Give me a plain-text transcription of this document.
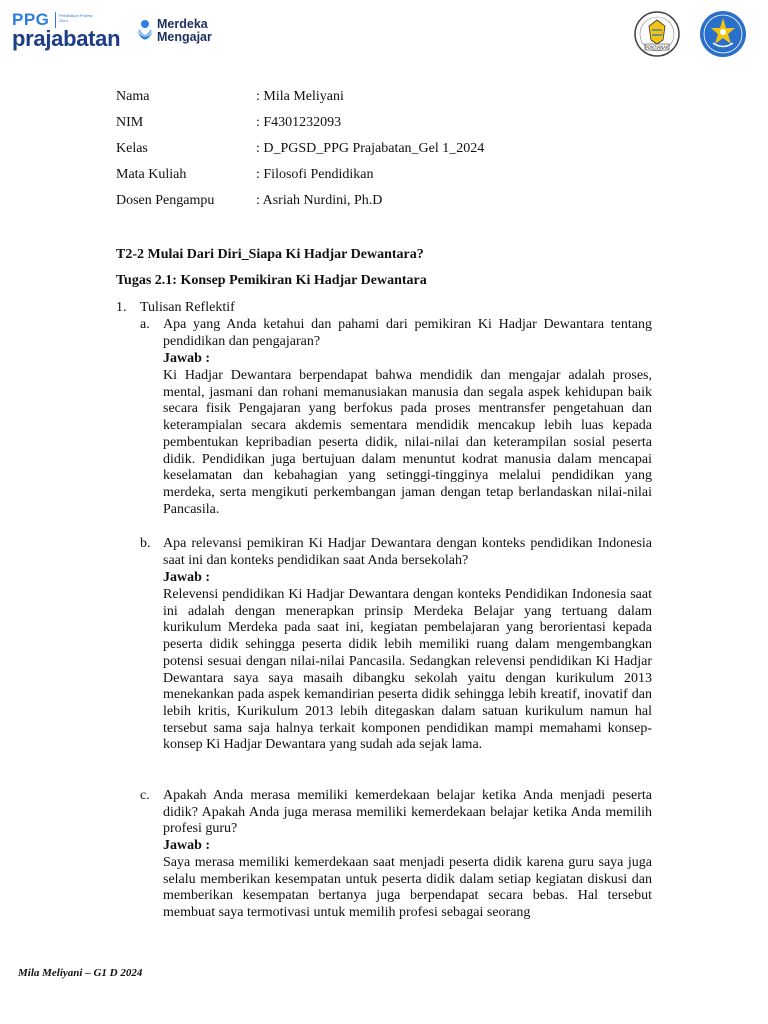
PPG Pendidikan Profesi Guru
prajabatan
Merdeka
Mengajar
PONTIANAK
Nama	: Mila Meliyani
NIM	: F4301232093
Kelas	: D_PGSD_PPG Prajabatan_Gel 1_2024
Mata Kuliah	: Filosofi Pendidikan
Dosen Pengampu	: Asriah Nurdini, Ph.D
T2-2 Mulai Dari Diri_Siapa Ki Hadjar Dewantara?
Tugas 2.1: Konsep Pemikiran Ki Hadjar Dewantara
1. Tulisan Reflektif
a. Apa yang Anda ketahui dan pahami dari pemikiran Ki Hadjar Dewantara tentang pendidikan dan pengajaran?
Jawab :
Ki Hadjar Dewantara berpendapat bahwa mendidik dan mengajar adalah proses, mental, jasmani dan rohani memanusiakan manusia dan segala aspek kehidupan baik secara fisik Pengajaran yang berfokus pada proses mentransfer pengetahuan dan keterampialan secara akdemis sementara mendidik mencakup lebih luas kepada pembentukan kepribadian peserta didik, nilai-nilai dan keterampilan sosial peserta didik. Pendidikan juga bertujuan dalam menuntut kodrat manusia dalam mencapai keselamatan dan kebahagian yang setinggi-tingginya melalui pendidikan yang merdeka, serta mengikuti perkembangan jaman dengan tetap berlandaskan nilai-nilai Pancasila.
b. Apa relevansi pemikiran Ki Hadjar Dewantara dengan konteks pendidikan Indonesia saat ini dan konteks pendidikan saat Anda bersekolah?
Jawab :
Relevensi pendidikan Ki Hadjar Dewantara dengan konteks Pendidikan Indonesia saat ini adalah dengan menerapkan prinsip Merdeka Belajar yang tertuang dalam kurikulum Merdeka pada saat ini, kegiatan pembelajaran yang berorientasi kepada peserta didik sehingga peserta didik lebih memiliki ruang dalam mengembangkan potensi sesuai dengan nilai-nilai Pancasila. Sedangkan relevensi pendidikan Ki Hadjar Dewantara saya saya masaih dibangku sekolah yaitu dengan kurikulum 2013 menekankan pada aspek kemandirian peserta didik sehingga lebih kreatif, inovatif dan lebih kritis, Kurikulum 2013 lebih ditegaskan dalam satuan kurikulum namun hal tersebut sama saja halnya terkait komponen pendidikan mampi memahami konsep-konsep Ki Hadjar Dewantara yang sudah ada sejak lama.
c. Apakah Anda merasa memiliki kemerdekaan belajar ketika Anda menjadi peserta didik? Apakah Anda juga merasa memiliki kemerdekaan belajar ketika Anda memilih profesi guru?
Jawab :
Saya merasa memiliki kemerdekaan saat menjadi peserta didik karena guru saya juga selalu memberikan kesempatan untuk peserta didik dalam setiap kegiatan diskusi dan memberikan kesempatan bertanya juga berpendapat secara bebas. Hal tersebut membuat saya termotivasi untuk memilih profesi sebagai seorang
Mila Meliyani – G1 D 2024
